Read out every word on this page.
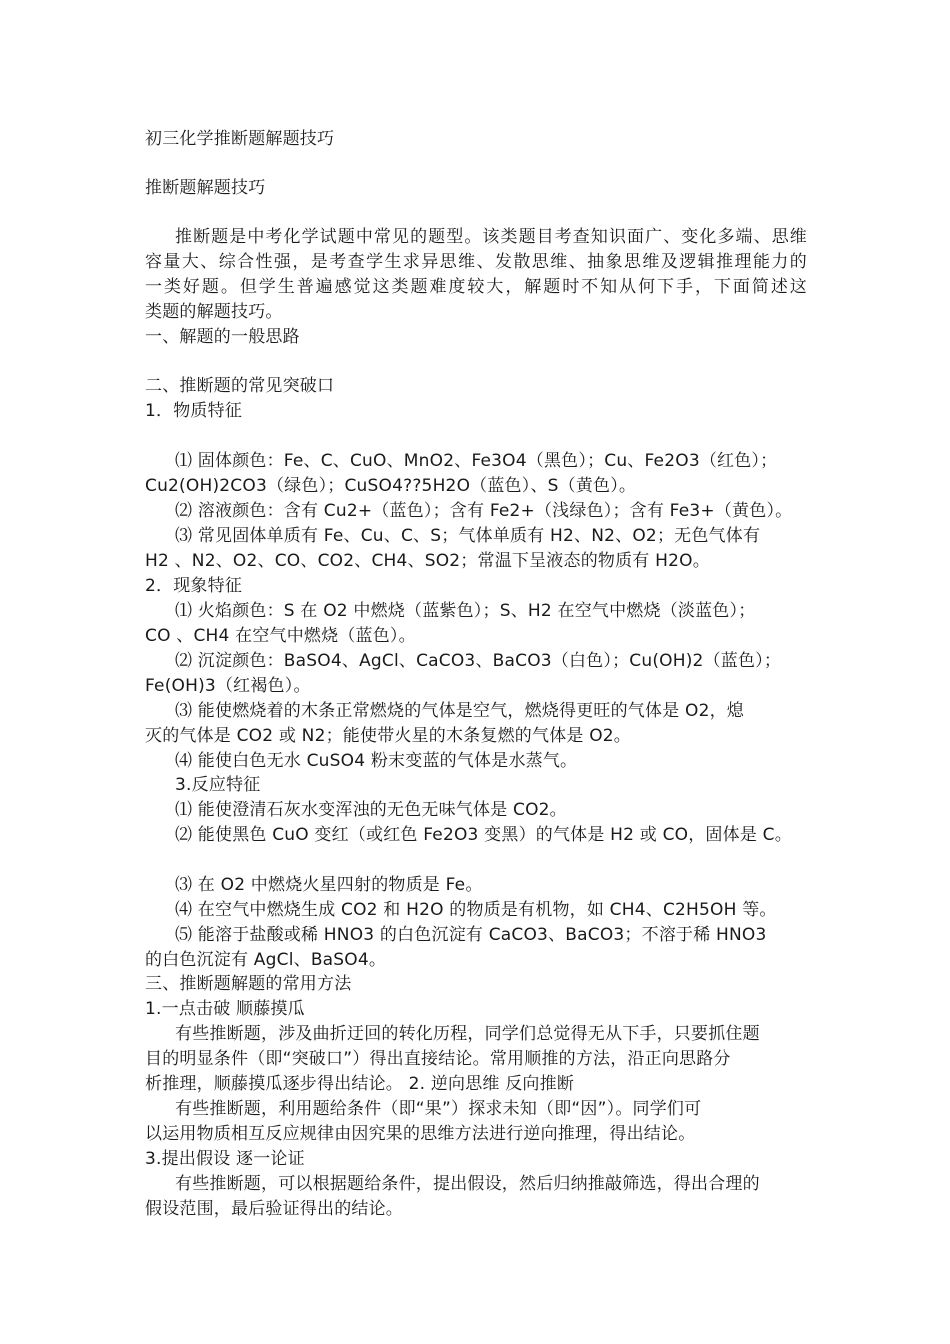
初三化学推断题解题技巧
推断题解题技巧
推断题是中考化学试题中常见的题型。该类题目考查知识面广、变化多端、思维
容量大、综合性强，是考查学生求异思维、发散思维、抽象思维及逻辑推理能力的
一类好题。但学生普遍感觉这类题难度较大，解题时不知从何下手，下面简述这
类题的解题技巧。
一、解题的一般思路
二、推断题的常见突破口
1．物质特征
⑴ 固体颜色：Fe、C、CuO、MnO2、Fe3O4（黑色）；Cu、Fe2O3（红色）；
Cu2(OH)2CO3（绿色）；CuSO4??5H2O（蓝色）、S（黄色）。
⑵ 溶液颜色：含有 Cu2+（蓝色）；含有 Fe2+（浅绿色）；含有 Fe3+（黄色）。
⑶ 常见固体单质有 Fe、Cu、C、S；气体单质有 H2、N2、O2；无色气体有
H2 、N2、O2、CO、CO2、CH4、SO2；常温下呈液态的物质有 H2O。
2．现象特征
⑴ 火焰颜色：S 在 O2 中燃烧（蓝紫色）；S、H2 在空气中燃烧（淡蓝色）；
CO 、CH4 在空气中燃烧（蓝色）。
⑵ 沉淀颜色：BaSO4、AgCl、CaCO3、BaCO3（白色）；Cu(OH)2（蓝色）；
Fe(OH)3（红褐色）。
⑶ 能使燃烧着的木条正常燃烧的气体是空气，燃烧得更旺的气体是 O2，熄
灭的气体是 CO2 或 N2；能使带火星的木条复燃的气体是 O2。
⑷ 能使白色无水 CuSO4 粉末变蓝的气体是水蒸气。
3.反应特征
⑴ 能使澄清石灰水变浑浊的无色无味气体是 CO2。
⑵ 能使黑色 CuO 变红（或红色 Fe2O3 变黑）的气体是 H2 或 CO，固体是 C。
⑶ 在 O2 中燃烧火星四射的物质是 Fe。
⑷ 在空气中燃烧生成 CO2 和 H2O 的物质是有机物，如 CH4、C2H5OH 等。
⑸ 能溶于盐酸或稀 HNO3 的白色沉淀有 CaCO3、BaCO3；不溶于稀 HNO3
的白色沉淀有 AgCl、BaSO4。
三、推断题解题的常用方法
1.一点击破 顺藤摸瓜
有些推断题，涉及曲折迂回的转化历程，同学们总觉得无从下手，只要抓住题
目的明显条件（即“突破口”）得出直接结论。常用顺推的方法，沿正向思路分
析推理，顺藤摸瓜逐步得出结论。 2. 逆向思维 反向推断
有些推断题，利用题给条件（即“果”）探求未知（即“因”）。同学们可
以运用物质相互反应规律由因究果的思维方法进行逆向推理，得出结论。
3.提出假设 逐一论证
有些推断题，可以根据题给条件，提出假设，然后归纳推敲筛选，得出合理的
假设范围，最后验证得出的结论。
